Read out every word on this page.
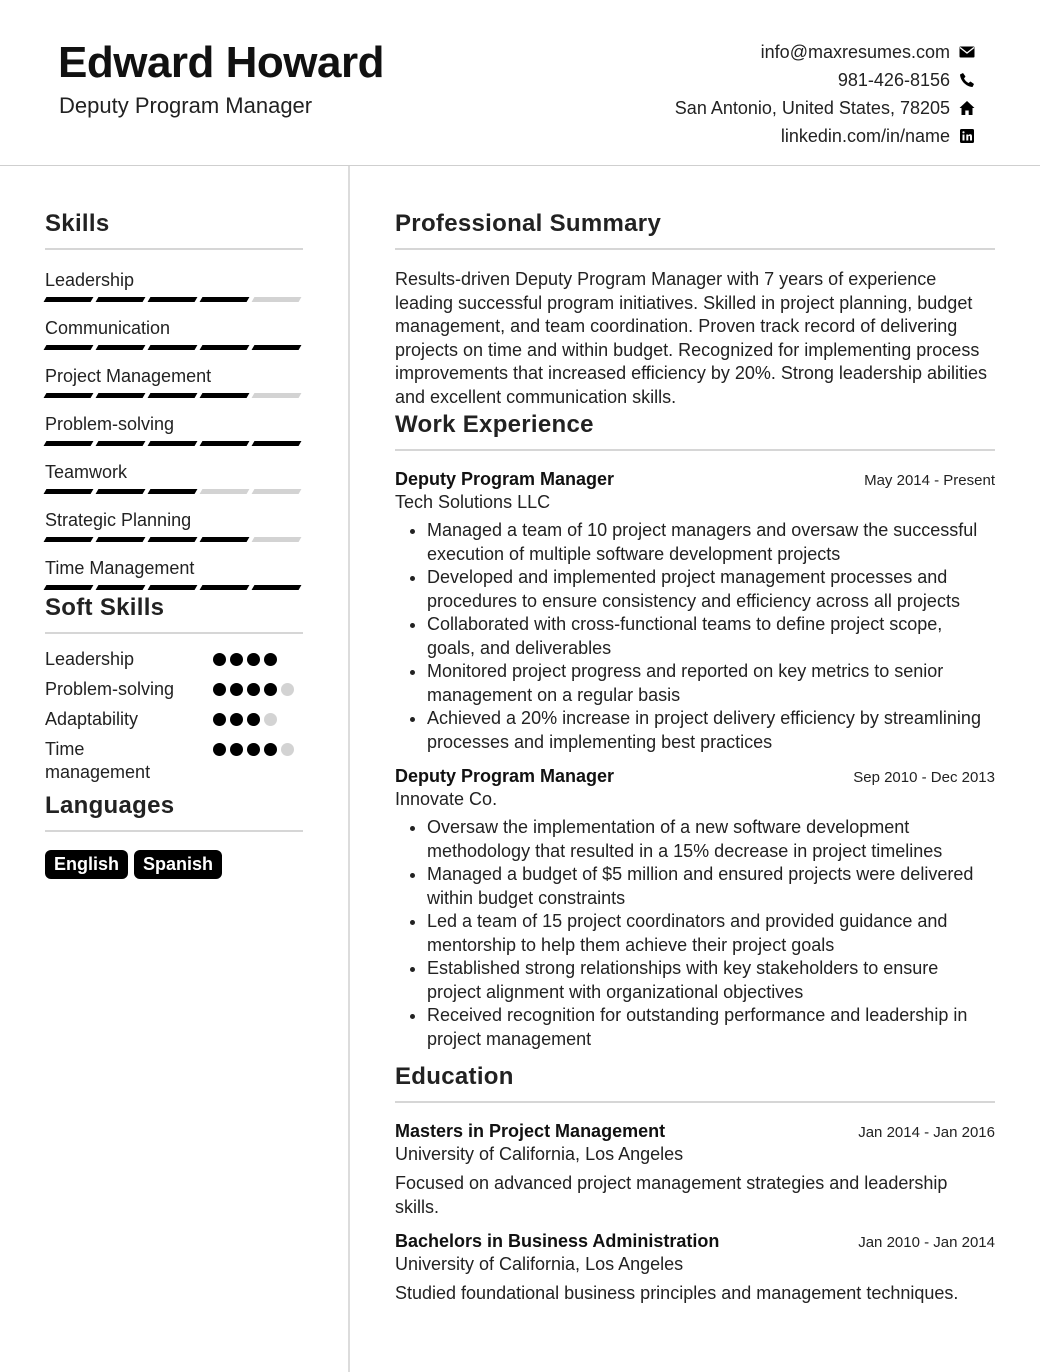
Edward Howard
Deputy Program Manager
info@maxresumes.com
981-426-8156
San Antonio, United States, 78205
linkedin.com/in/name
Skills
Leadership
Communication
Project Management
Problem-solving
Teamwork
Strategic Planning
Time Management
Soft Skills
Leadership
Problem-solving
Adaptability
Time management
Languages
English	Spanish
Professional Summary

Results-driven Deputy Program Manager with 7 years of experience leading successful program initiatives. Skilled in project planning, budget management, and team coordination. Proven track record of delivering projects on time and within budget. Recognized for implementing process improvements that increased efficiency by 20%. Strong leadership abilities and excellent communication skills.

Work Experience
Deputy Program Manager	May 2014 - Present
Tech Solutions LLC
• Managed a team of 10 project managers and oversaw the successful execution of multiple software development projects
• Developed and implemented project management processes and procedures to ensure consistency and efficiency across all projects
• Collaborated with cross-functional teams to define project scope, goals, and deliverables
• Monitored project progress and reported on key metrics to senior management on a regular basis
• Achieved a 20% increase in project delivery efficiency by streamlining processes and implementing best practices
Deputy Program Manager	Sep 2010 - Dec 2013
Innovate Co.
• Oversaw the implementation of a new software development methodology that resulted in a 15% decrease in project timelines
• Managed a budget of $5 million and ensured projects were delivered within budget constraints
• Led a team of 15 project coordinators and provided guidance and mentorship to help them achieve their project goals
• Established strong relationships with key stakeholders to ensure project alignment with organizational objectives
• Received recognition for outstanding performance and leadership in project management
Education
Masters in Project Management	Jan 2014 - Jan 2016
University of California, Los Angeles
Focused on advanced project management strategies and leadership skills.
Bachelors in Business Administration	Jan 2010 - Jan 2014
University of California, Los Angeles
Studied foundational business principles and management techniques.
